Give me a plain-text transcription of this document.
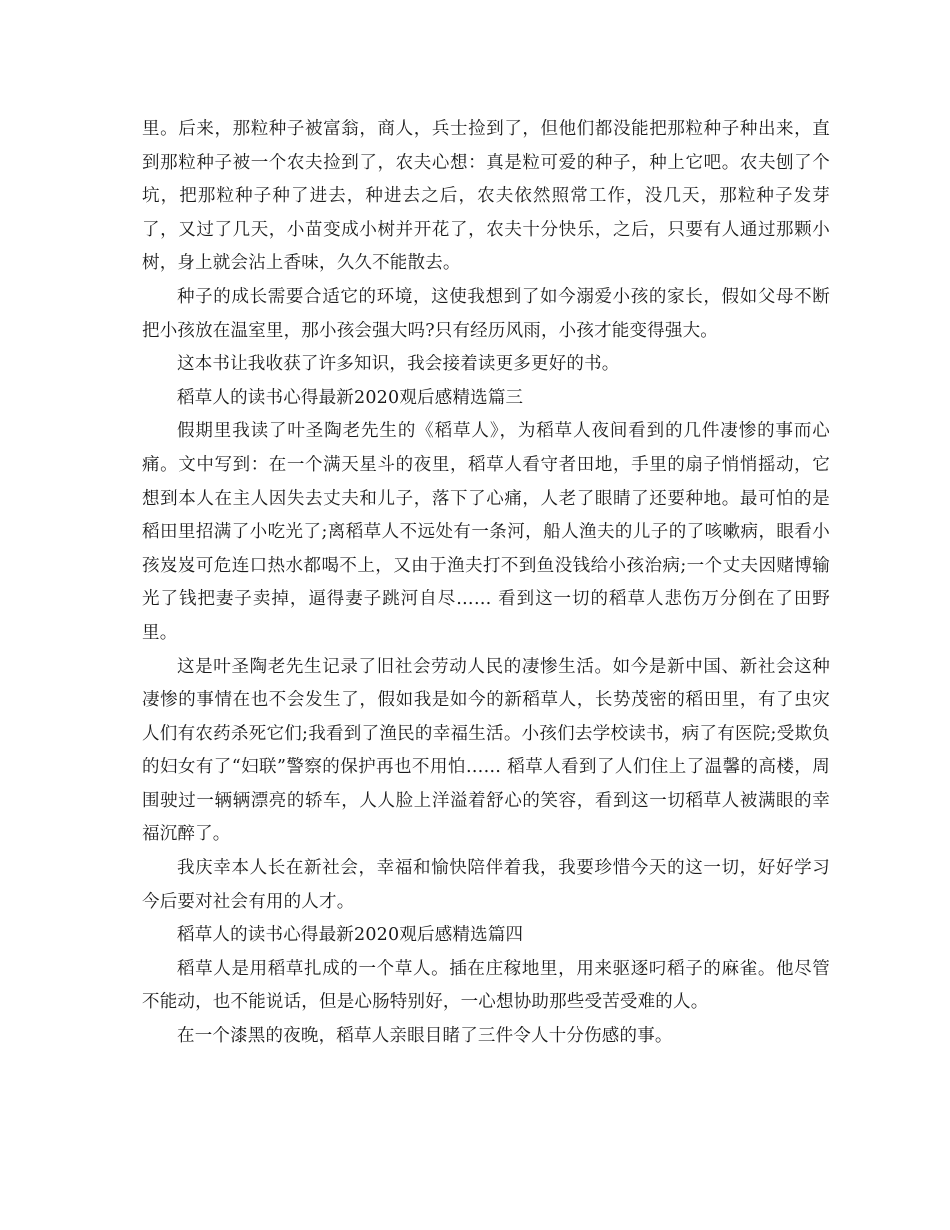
里。后来，那粒种子被富翁，商人，兵士捡到了，但他们都没能把那粒种子种出来，直到那粒种子被一个农夫捡到了，农夫心想：真是粒可爱的种子，种上它吧。农夫刨了个坑，把那粒种子种了进去，种进去之后，农夫依然照常工作，没几天，那粒种子发芽了，又过了几天，小苗变成小树并开花了，农夫十分快乐，之后，只要有人通过那颗小树，身上就会沾上香味，久久不能散去。

种子的成长需要合适它的环境，这使我想到了如今溺爱小孩的家长，假如父母不断把小孩放在温室里，那小孩会强大吗?只有经历风雨，小孩才能变得强大。

这本书让我收获了许多知识，我会接着读更多更好的书。

稻草人的读书心得最新2020观后感精选篇三

假期里我读了叶圣陶老先生的《稻草人》，为稻草人夜间看到的几件凄惨的事而心痛。文中写到：在一个满天星斗的夜里，稻草人看守者田地，手里的扇子悄悄摇动，它想到本人在主人因失去丈夫和儿子，落下了心痛，人老了眼睛了还要种地。最可怕的是稻田里招满了小吃光了;离稻草人不远处有一条河，船人渔夫的儿子的了咳嗽病，眼看小孩岌岌可危连口热水都喝不上，又由于渔夫打不到鱼没钱给小孩治病;一个丈夫因赌博输光了钱把妻子卖掉，逼得妻子跳河自尽…… 看到这一切的稻草人悲伤万分倒在了田野里。

这是叶圣陶老先生记录了旧社会劳动人民的凄惨生活。如今是新中国、新社会这种凄惨的事情在也不会发生了，假如我是如今的新稻草人，长势茂密的稻田里，有了虫灾人们有农药杀死它们;我看到了渔民的幸福生活。小孩们去学校读书，病了有医院;受欺负的妇女有了“妇联”警察的保护再也不用怕…… 稻草人看到了人们住上了温馨的高楼，周围驶过一辆辆漂亮的轿车，人人脸上洋溢着舒心的笑容，看到这一切稻草人被满眼的幸福沉醉了。

我庆幸本人长在新社会，幸福和愉快陪伴着我，我要珍惜今天的这一切，好好学习今后要对社会有用的人才。

稻草人的读书心得最新2020观后感精选篇四

稻草人是用稻草扎成的一个草人。插在庄稼地里，用来驱逐叼稻子的麻雀。他尽管不能动，也不能说话，但是心肠特别好，一心想协助那些受苦受难的人。

在一个漆黑的夜晚，稻草人亲眼目睹了三件令人十分伤感的事。
